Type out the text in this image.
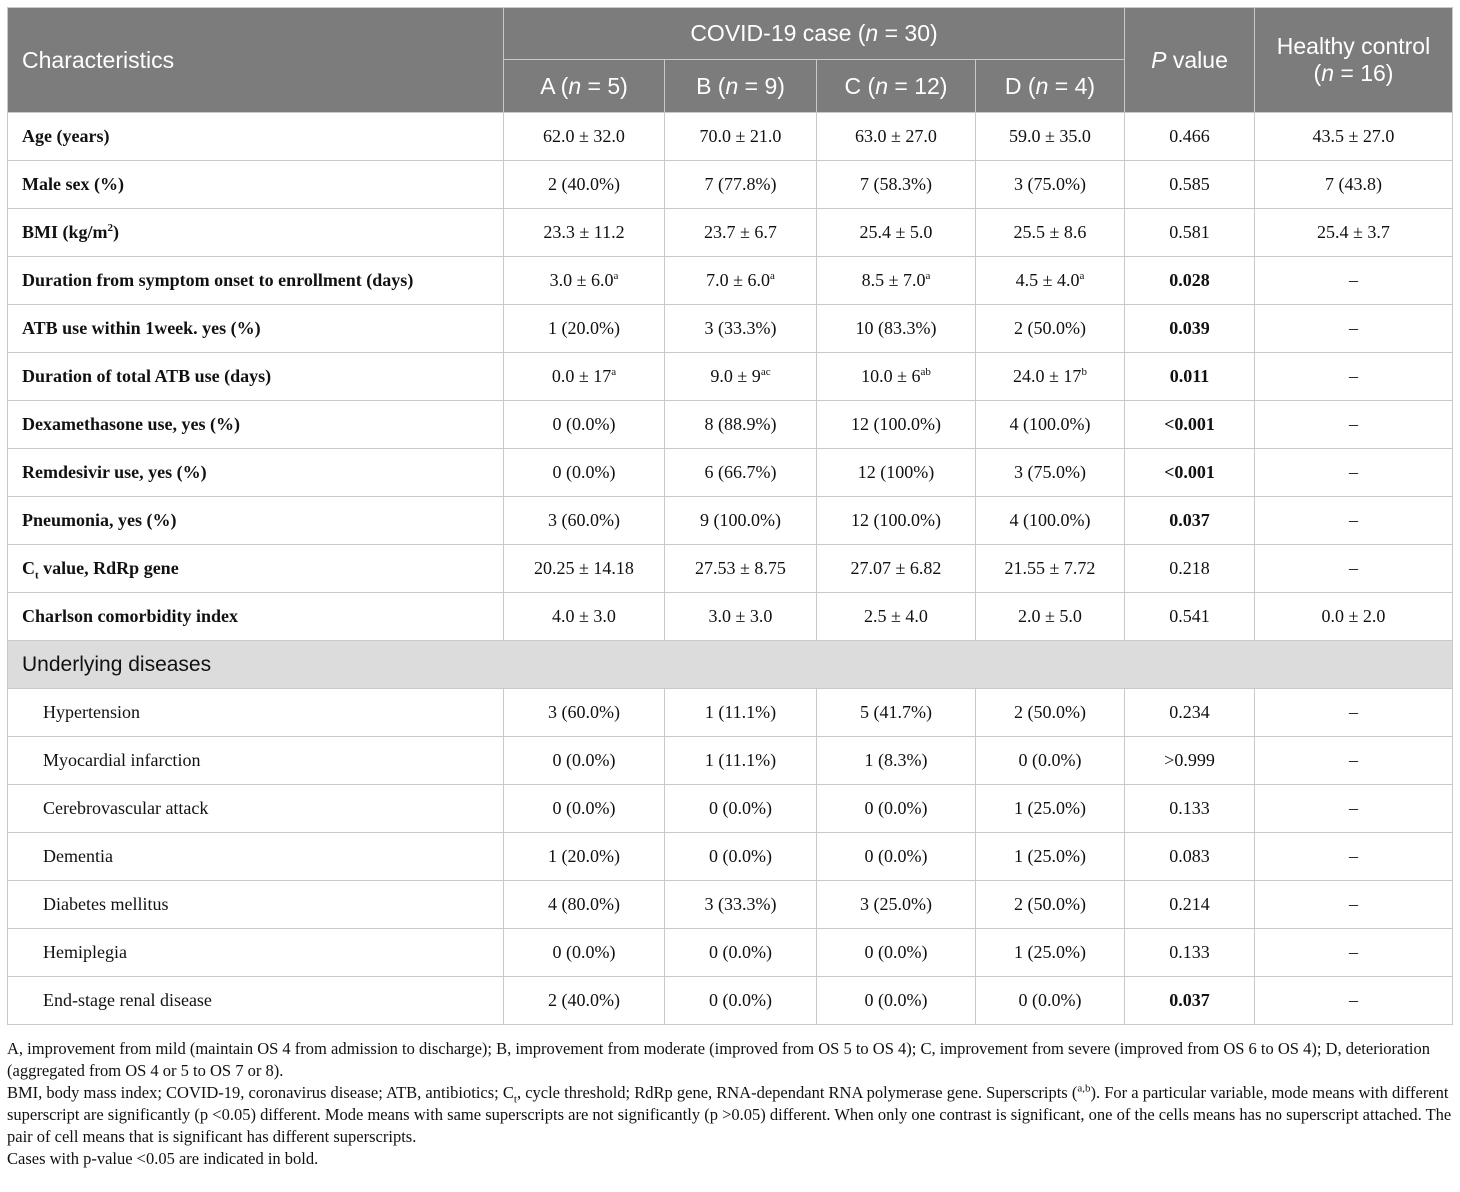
Characteristics	COVID-19 case (n = 30)				P value	Healthy control
(n = 16)
	A (n = 5)	B (n = 9)	C (n = 12)	D (n = 4)		
Age (years)	62.0 ± 32.0	70.0 ± 21.0	63.0 ± 27.0	59.0 ± 35.0	0.466	43.5 ± 27.0
Male sex (%)	2 (40.0%)	7 (77.8%)	7 (58.3%)	3 (75.0%)	0.585	7 (43.8)
BMI $(kg/m^2)$	23.3 ± 11.2	23.7 ± 6.7	25.4 ± 5.0	25.5 ± 8.6	0.581	25.4 ± 3.7
Duration from symptom onset to enrollment (days)	3.0 ± 6.0$^a$	7.0 ± 6.0$^a$	8.5 ± 7.0$^a$	4.5 ± 4.0$^a$	0.028	–
ATB use within 1week. yes (%)	1 (20.0%)	3 (33.3%)	10 (83.3%)	2 (50.0%)	0.039	–
Duration of total ATB use (days)	$0.0 \pm 17^a$	$9.0 \pm 9^{ac}$	$10.0 \pm 6^{ab}$	$24.0 \pm 17^b$	0.011	–
Dexamethasone use, yes (%)	0 (0.0%)	8 (88.9%)	12 (100.0%)	4 (100.0%)	<0.001	–
Remdesivir use, yes (%)	0 (0.0%)	6 (66.7%)	12 (100%)	3 (75.0%)	<0.001	–
Pneumonia, yes (%)	3 (60.0%)	9 (100.0%)	12 (100.0%)	4 (100.0%)	0.037	–
$C_t$ value, RdRp gene	20.25 ± 14.18	27.53 ± 8.75	27.07 ± 6.82	21.55 ± 7.72	0.218	–
Charlson comorbidity index	4.0 ± 3.0	3.0 ± 3.0	2.5 ± 4.0	2.0 ± 5.0	0.541	0.0 ± 2.0
Underlying diseases						
Hypertension	3 (60.0%)	1 (11.1%)	5 (41.7%)	2 (50.0%)	0.234	–
Myocardial infarction	0 (0.0%)	1 (11.1%)	1 (8.3%)	0 (0.0%)	>0.999	–
Cerebrovascular attack	0 (0.0%)	0 (0.0%)	0 (0.0%)	1 (25.0%)	0.133	–
Dementia	1 (20.0%)	0 (0.0%)	0 (0.0%)	1 (25.0%)	0.083	–
Diabetes mellitus	4 (80.0%)	3 (33.3%)	3 (25.0%)	2 (50.0%)	0.214	–
Hemiplegia	0 (0.0%)	0 (0.0%)	0 (0.0%)	1 (25.0%)	0.133	–
End-stage renal disease	2 (40.0%)	0 (0.0%)	0 (0.0%)	0 (0.0%)	0.037	–

A, improvement from mild (maintain OS 4 from admission to discharge); B, improvement from moderate (improved from OS 5 to OS 4); C, improvement from severe (improved from OS 6 to OS 4); D, deterioration (aggregated from OS 4 or 5 to OS 7 or 8).

BMI, body mass index; COVID-19, coronavirus disease; ATB, antibiotics; $C_t$, cycle threshold; RdRp gene, RNA-dependant RNA polymerase gene. Superscripts ($^{a,b}$). For a particular variable, mode means with different superscript are significantly (p <0.05) different. Mode means with same superscripts are not significantly (p >0.05) different. When only one contrast is significant, one of the cells means has no superscript attached. The pair of cell means that is significant has different superscripts.

Cases with p-value <0.05 are indicated in bold.
